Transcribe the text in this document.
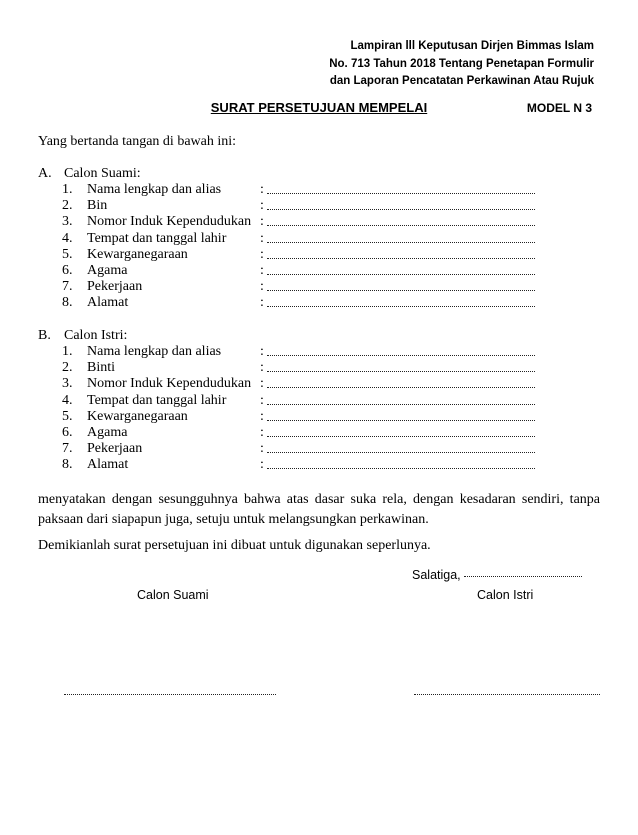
Lampiran lll Keputusan Dirjen Bimmas Islam
No. 713 Tahun 2018 Tentang Penetapan Formulir
dan Laporan Pencatatan Perkawinan Atau Rujuk
SURAT PERSETUJUAN MEMPELAI	MODEL N 3
Yang bertanda tangan di bawah ini:
A. Calon Suami:
1. Nama lengkap dan alias	:
2. Bin	:
3. Nomor Induk Kependudukan :
4. Tempat dan tanggal lahir :
5. Kewarganegaraan	:
6. Agama	:
7. Pekerjaan	:
8. Alamat	:
B. Calon Istri:
1. Nama lengkap dan alias	:
2. Binti	:
3. Nomor Induk Kependudukan :
4. Tempat dan tanggal lahir :
5. Kewarganegaraan	:
6. Agama	:
7. Pekerjaan	:
8. Alamat	:
menyatakan dengan sesungguhnya bahwa atas dasar suka rela, dengan kesadaran sendiri, tanpa paksaan dari siapapun juga, setuju untuk melangsungkan perkawinan.
Demikianlah surat persetujuan ini dibuat untuk digunakan seperlunya.
Salatiga,
Calon Suami	Calon Istri
